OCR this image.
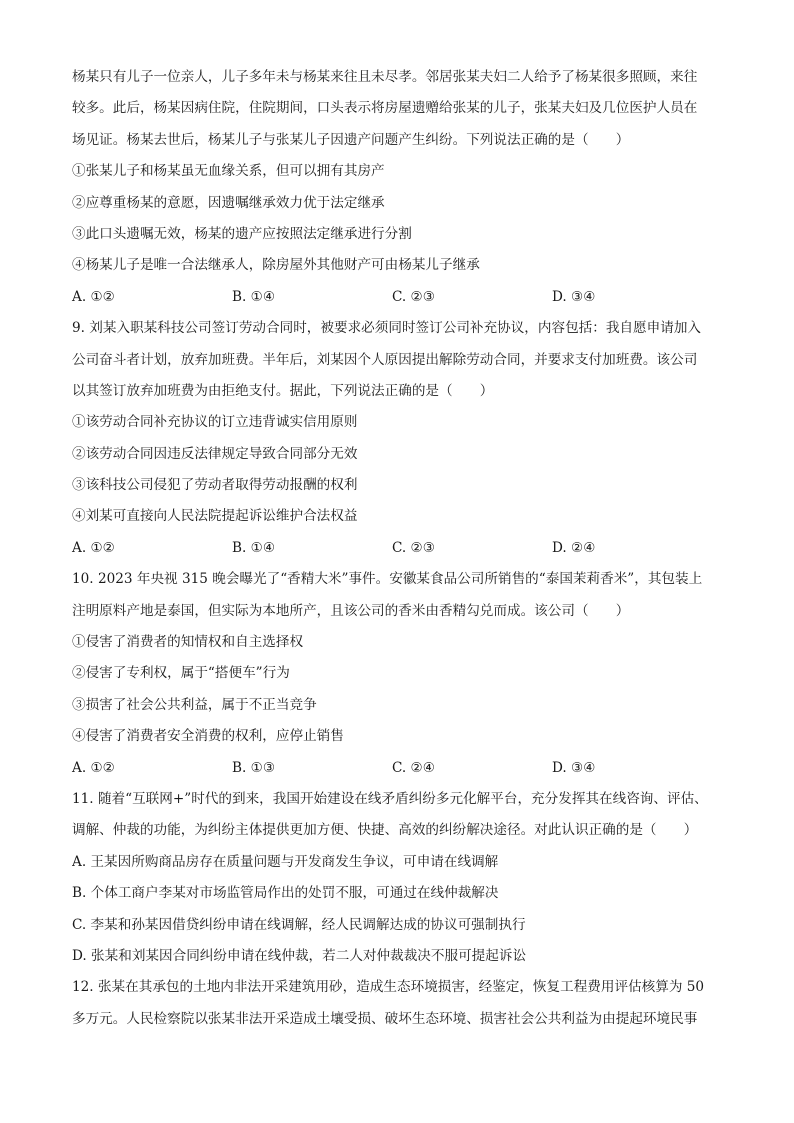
杨某只有儿子一位亲人，儿子多年未与杨某来往且未尽孝。邻居张某夫妇二人给予了杨某很多照顾，来往
较多。此后，杨某因病住院，住院期间，口头表示将房屋遗赠给张某的儿子，张某夫妇及几位医护人员在
场见证。杨某去世后，杨某儿子与张某儿子因遗产问题产生纠纷。下列说法正确的是（　　）
①张某儿子和杨某虽无血缘关系，但可以拥有其房产
②应尊重杨某的意愿，因遗嘱继承效力优于法定继承
③此口头遗嘱无效，杨某的遗产应按照法定继承进行分割
④杨某儿子是唯一合法继承人，除房屋外其他财产可由杨某儿子继承
A. ①②	B. ①④	C. ②③	D. ③④
9. 刘某入职某科技公司签订劳动合同时，被要求必须同时签订公司补充协议，内容包括：我自愿申请加入
公司奋斗者计划，放弃加班费。半年后，刘某因个人原因提出解除劳动合同，并要求支付加班费。该公司
以其签订放弃加班费为由拒绝支付。据此，下列说法正确的是（　　）
①该劳动合同补充协议的订立违背诚实信用原则
②该劳动合同因违反法律规定导致合同部分无效
③该科技公司侵犯了劳动者取得劳动报酬的权利
④刘某可直接向人民法院提起诉讼维护合法权益
A. ①②	B. ①④	C. ②③	D. ②④
10. 2023 年央视 315 晚会曝光了“香精大米”事件。安徽某食品公司所销售的“泰国茉莉香米”，其包装上
注明原料产地是泰国，但实际为本地所产，且该公司的香米由香精勾兑而成。该公司（　　）
①侵害了消费者的知情权和自主选择权
②侵害了专利权，属于“搭便车”行为
③损害了社会公共利益，属于不正当竞争
④侵害了消费者安全消费的权利，应停止销售
A. ①②	B. ①③	C. ②④	D. ③④
11. 随着“互联网+”时代的到来，我国开始建设在线矛盾纠纷多元化解平台，充分发挥其在线咨询、评估、
调解、仲裁的功能，为纠纷主体提供更加方便、快捷、高效的纠纷解决途径。对此认识正确的是（　　）
A. 王某因所购商品房存在质量问题与开发商发生争议，可申请在线调解
B. 个体工商户李某对市场监管局作出的处罚不服，可通过在线仲裁解决
C. 李某和孙某因借贷纠纷申请在线调解，经人民调解达成的协议可强制执行
D. 张某和刘某因合同纠纷申请在线仲裁，若二人对仲裁裁决不服可提起诉讼
12. 张某在其承包的土地内非法开采建筑用砂，造成生态环境损害，经鉴定，恢复工程费用评估核算为 50
多万元。人民检察院以张某非法开采造成土壤受损、破坏生态环境、损害社会公共利益为由提起环境民事
